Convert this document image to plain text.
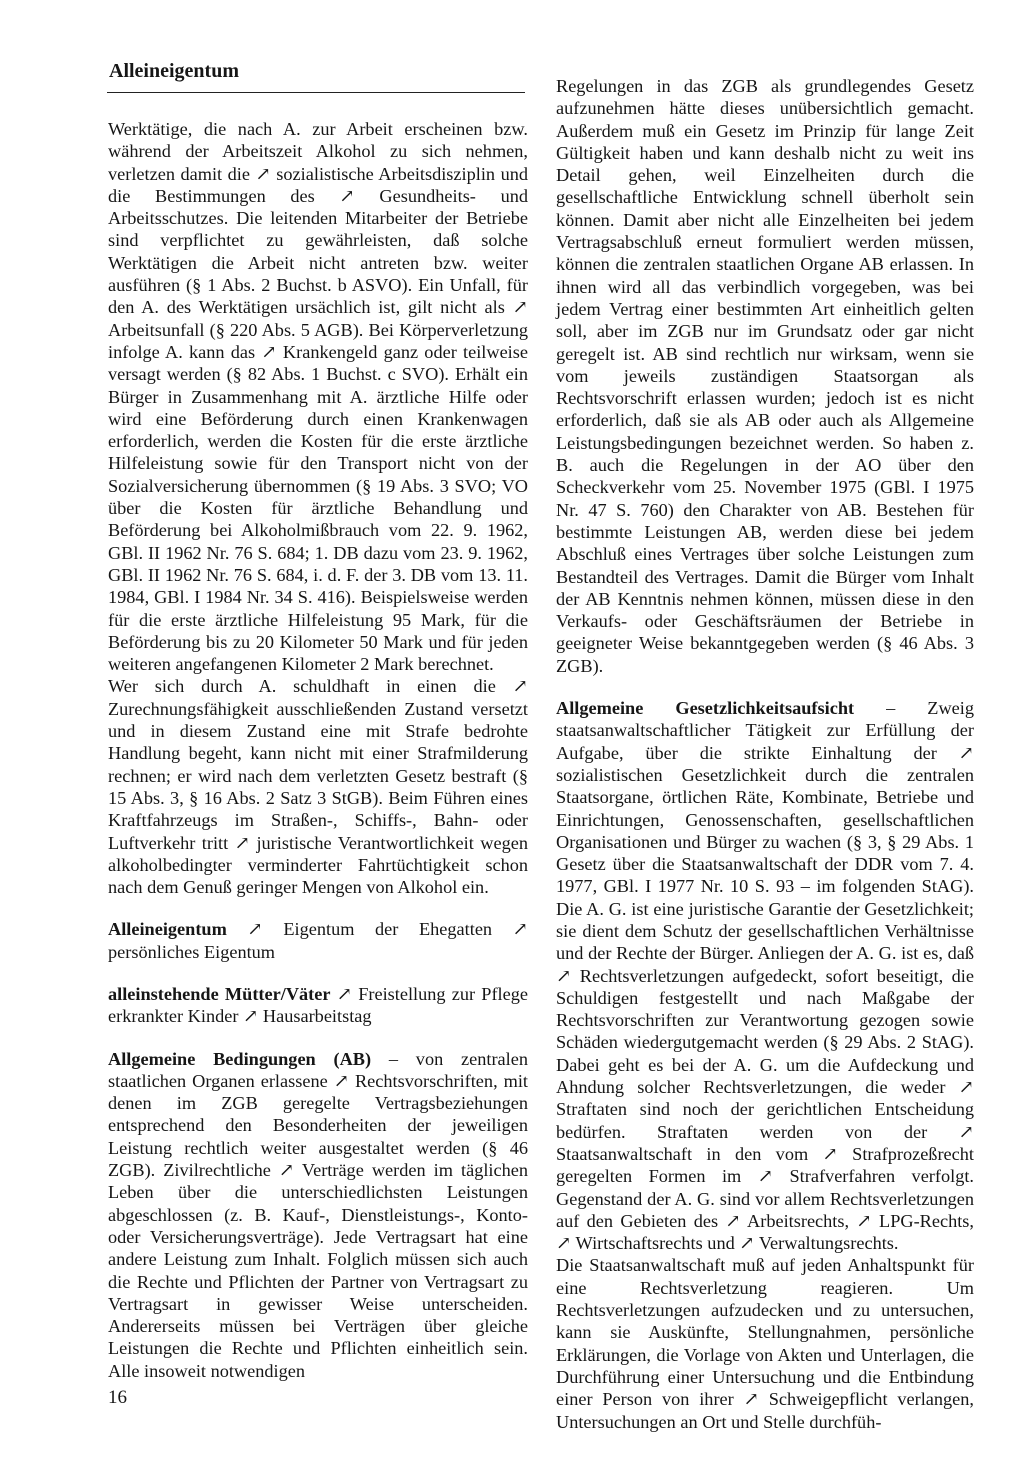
Alleineigentum

Werktätige, die nach A. zur Arbeit erscheinen bzw. während der Arbeitszeit Alkohol zu sich nehmen, verletzen damit die ↗ sozialistische Arbeitsdisziplin und die Bestimmungen des ↗ Gesundheits- und Arbeitsschutzes. Die leitenden Mitarbeiter der Betriebe sind verpflichtet zu gewährleisten, daß solche Werktätigen die Arbeit nicht antreten bzw. weiter ausführen (§ 1 Abs. 2 Buchst. b ASVO). Ein Unfall, für den A. des Werktätigen ursächlich ist, gilt nicht als ↗ Arbeitsunfall (§ 220 Abs. 5 AGB). Bei Körperverletzung infolge A. kann das ↗ Krankengeld ganz oder teilweise versagt werden (§ 82 Abs. 1 Buchst. c SVO). Erhält ein Bürger in Zusammenhang mit A. ärztliche Hilfe oder wird eine Beförderung durch einen Krankenwagen erforderlich, werden die Kosten für die erste ärztliche Hilfeleistung sowie für den Transport nicht von der Sozialversicherung übernommen (§ 19 Abs. 3 SVO; VO über die Kosten für ärztliche Behandlung und Beförderung bei Alkoholmißbrauch vom 22. 9. 1962, GBl. II 1962 Nr. 76 S. 684; 1. DB dazu vom 23. 9. 1962, GBl. II 1962 Nr. 76 S. 684, i. d. F. der 3. DB vom 13. 11. 1984, GBl. I 1984 Nr. 34 S. 416). Beispielsweise werden für die erste ärztliche Hilfeleistung 95 Mark, für die Beförderung bis zu 20 Kilometer 50 Mark und für jeden weiteren angefangenen Kilometer 2 Mark berechnet.

Wer sich durch A. schuldhaft in einen die ↗ Zurechnungsfähigkeit ausschließenden Zustand versetzt und in diesem Zustand eine mit Strafe bedrohte Handlung begeht, kann nicht mit einer Strafmilderung rechnen; er wird nach dem verletzten Gesetz bestraft (§ 15 Abs. 3, § 16 Abs. 2 Satz 3 StGB). Beim Führen eines Kraftfahrzeugs im Straßen-, Schiffs-, Bahn- oder Luftverkehr tritt ↗ juristische Verantwortlichkeit wegen alkoholbedingter verminderter Fahrtüchtigkeit schon nach dem Genuß geringer Mengen von Alkohol ein.

Alleineigentum ↗ Eigentum der Ehegatten ↗ persönliches Eigentum

alleinstehende Mütter/Väter ↗ Freistellung zur Pflege erkrankter Kinder ↗ Hausarbeitstag

Allgemeine Bedingungen (AB) – von zentralen staatlichen Organen erlassene ↗ Rechtsvorschriften, mit denen im ZGB geregelte Vertragsbeziehungen entsprechend den Besonderheiten der jeweiligen Leistung rechtlich weiter ausgestaltet werden (§ 46 ZGB). Zivilrechtliche ↗ Verträge werden im täglichen Leben über die unterschiedlichsten Leistungen abgeschlossen (z. B. Kauf-, Dienstleistungs-, Konto- oder Versicherungsverträge). Jede Vertragsart hat eine andere Leistung zum Inhalt. Folglich müssen sich auch die Rechte und Pflichten der Partner von Vertragsart zu Vertragsart in gewisser Weise unterscheiden. Andererseits müssen bei Verträgen über gleiche Leistungen die Rechte und Pflichten einheitlich sein. Alle insoweit notwendigen

Regelungen in das ZGB als grundlegendes Gesetz aufzunehmen hätte dieses unübersichtlich gemacht. Außerdem muß ein Gesetz im Prinzip für lange Zeit Gültigkeit haben und kann deshalb nicht zu weit ins Detail gehen, weil Einzelheiten durch die gesellschaftliche Entwicklung schnell überholt sein können. Damit aber nicht alle Einzelheiten bei jedem Vertragsabschluß erneut formuliert werden müssen, können die zentralen staatlichen Organe AB erlassen. In ihnen wird all das verbindlich vorgegeben, was bei jedem Vertrag einer bestimmten Art einheitlich gelten soll, aber im ZGB nur im Grundsatz oder gar nicht geregelt ist. AB sind rechtlich nur wirksam, wenn sie vom jeweils zuständigen Staatsorgan als Rechtsvorschrift erlassen wurden; jedoch ist es nicht erforderlich, daß sie als AB oder auch als Allgemeine Leistungsbedingungen bezeichnet werden. So haben z. B. auch die Regelungen in der AO über den Scheckverkehr vom 25. November 1975 (GBl. I 1975 Nr. 47 S. 760) den Charakter von AB. Bestehen für bestimmte Leistungen AB, werden diese bei jedem Abschluß eines Vertrages über solche Leistungen zum Bestandteil des Vertrages. Damit die Bürger vom Inhalt der AB Kenntnis nehmen können, müssen diese in den Verkaufs- oder Geschäftsräumen der Betriebe in geeigneter Weise bekanntgegeben werden (§ 46 Abs. 3 ZGB).

Allgemeine Gesetzlichkeitsaufsicht – Zweig staatsanwaltschaftlicher Tätigkeit zur Erfüllung der Aufgabe, über die strikte Einhaltung der ↗ sozialistischen Gesetzlichkeit durch die zentralen Staatsorgane, örtlichen Räte, Kombinate, Betriebe und Einrichtungen, Genossenschaften, gesellschaftlichen Organisationen und Bürger zu wachen (§ 3, § 29 Abs. 1 Gesetz über die Staatsanwaltschaft der DDR vom 7. 4. 1977, GBl. I 1977 Nr. 10 S. 93 – im folgenden StAG). Die A. G. ist eine juristische Garantie der Gesetzlichkeit; sie dient dem Schutz der gesellschaftlichen Verhältnisse und der Rechte der Bürger. Anliegen der A. G. ist es, daß ↗ Rechtsverletzungen aufgedeckt, sofort beseitigt, die Schuldigen festgestellt und nach Maßgabe der Rechtsvorschriften zur Verantwortung gezogen sowie Schäden wiedergutgemacht werden (§ 29 Abs. 2 StAG). Dabei geht es bei der A. G. um die Aufdeckung und Ahndung solcher Rechtsverletzungen, die weder ↗ Straftaten sind noch der gerichtlichen Entscheidung bedürfen. Straftaten werden von der ↗ Staatsanwaltschaft in den vom ↗ Strafprozeßrecht geregelten Formen im ↗ Strafverfahren verfolgt. Gegenstand der A. G. sind vor allem Rechtsverletzungen auf den Gebieten des ↗ Arbeitsrechts, ↗ LPG-Rechts, ↗ Wirtschaftsrechts und ↗ Verwaltungsrechts.

Die Staatsanwaltschaft muß auf jeden Anhaltspunkt für eine Rechtsverletzung reagieren. Um Rechtsverletzungen aufzudecken und zu untersuchen, kann sie Auskünfte, Stellungnahmen, persönliche Erklärungen, die Vorlage von Akten und Unterlagen, die Durchführung einer Untersuchung und die Entbindung einer Person von ihrer ↗ Schweigepflicht verlangen, Untersuchungen an Ort und Stelle durchfüh-

16
